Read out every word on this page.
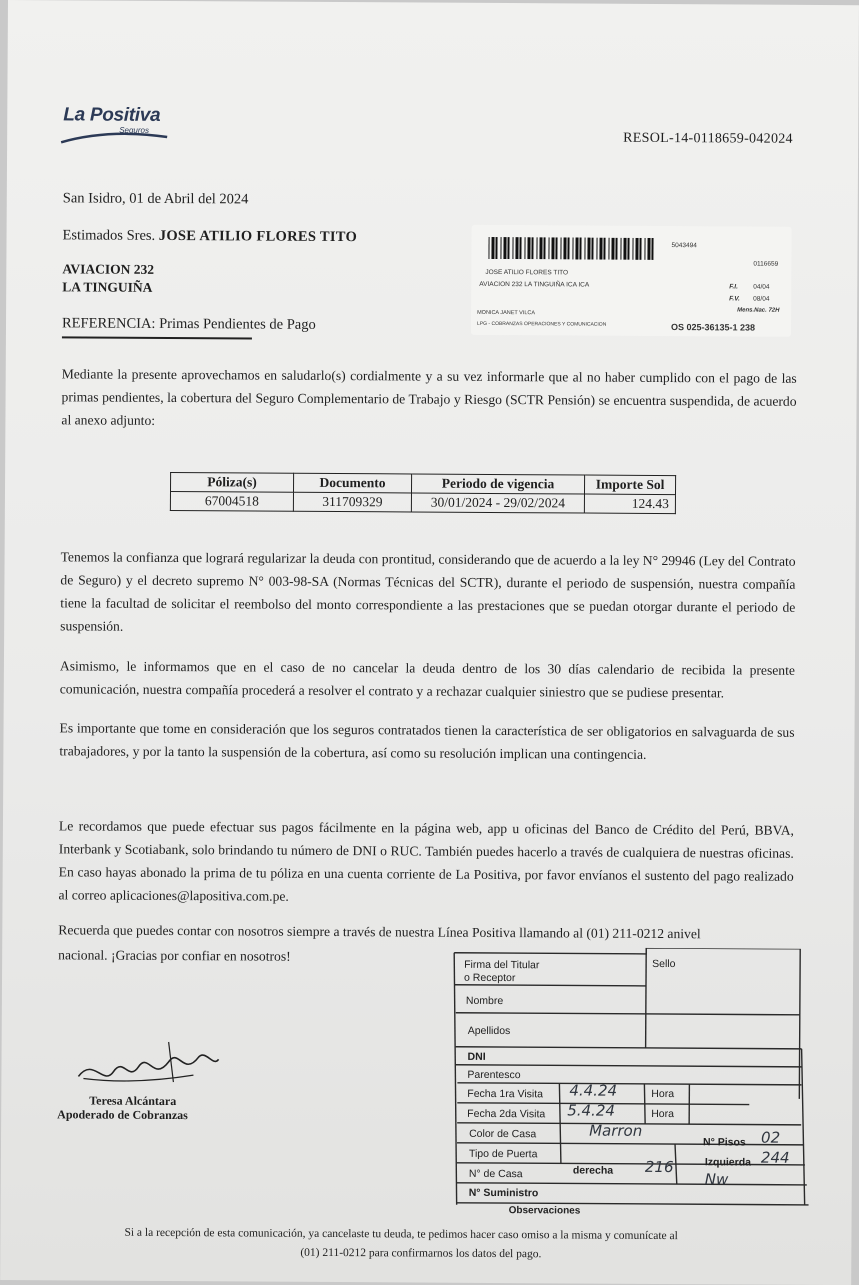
La Positiva
Seguros
RESOL-14-0118659-042024
San Isidro, 01 de Abril del 2024
Estimados Sres. JOSE ATILIO FLORES TITO
AVIACION 232
LA TINGUIÑA
REFERENCIA: Primas Pendientes de Pago
5043494
0116659
JOSE ATILIO FLORES TITO
AVIACION 232 LA TINGUIÑA ICA ICA	F.I. 04/04
F.V. 08/04
Mens.Nac. 72H
MONICA JANET VILCA
LPG - COBRANZAS OPERACIONES Y COMUNICACION	OS 025-36135-1 238
Mediante la presente aprovechamos en saludarlo(s) cordialmente y a su vez informarle que al no haber cumplido con el pago de las primas pendientes, la cobertura del Seguro Complementario de Trabajo y Riesgo (SCTR Pensión) se encuentra suspendida, de acuerdo al anexo adjunto:
Póliza(s)	Documento	Periodo de vigencia	Importe Sol
67004518	311709329	30/01/2024 - 29/02/2024	124.43
Tenemos la confianza que logrará regularizar la deuda con prontitud, considerando que de acuerdo a la ley N° 29946 (Ley del Contrato de Seguro) y el decreto supremo N° 003-98-SA (Normas Técnicas del SCTR), durante el periodo de suspensión, nuestra compañía tiene la facultad de solicitar el reembolso del monto correspondiente a las prestaciones que se puedan otorgar durante el periodo de suspensión.
Asimismo, le informamos que en el caso de no cancelar la deuda dentro de los 30 días calendario de recibida la presente comunicación, nuestra compañía procederá a resolver el contrato y a rechazar cualquier siniestro que se pudiese presentar.
Es importante que tome en consideración que los seguros contratados tienen la característica de ser obligatorios en salvaguarda de sus trabajadores, y por la tanto la suspensión de la cobertura, así como su resolución implican una contingencia.
Le recordamos que puede efectuar sus pagos fácilmente en la página web, app u oficinas del Banco de Crédito del Perú, BBVA, Interbank y Scotiabank, solo brindando tu número de DNI o RUC. También puedes hacerlo a través de cualquiera de nuestras oficinas. En caso hayas abonado la prima de tu póliza en una cuenta corriente de La Positiva, por favor envíanos el sustento del pago realizado al correo aplicaciones@lapositiva.com.pe.
Recuerda que puedes contar con nosotros siempre a través de nuestra Línea Positiva llamando al (01) 211-0212 anivel
nacional. ¡Gracias por confiar en nosotros!
Teresa Alcántara
Apoderado de Cobranzas
Firma del Titular
o Receptor
Sello
Nombre
Apellidos
DNI
Parentesco
Fecha 1ra Visita 4.4.24	Hora
Fecha 2da Visita 5.4.24	Hora
Color de Casa	Marron
N° Pisos 02
Tipo de Puerta
N° de Casa	derecha 216	Izquierda 244
N° Suministro
Nw
Observaciones
Si a la recepción de esta comunicación, ya cancelaste tu deuda, te pedimos hacer caso omiso a la misma y comunícate al
(01) 211-0212 para confirmarnos los datos del pago.
